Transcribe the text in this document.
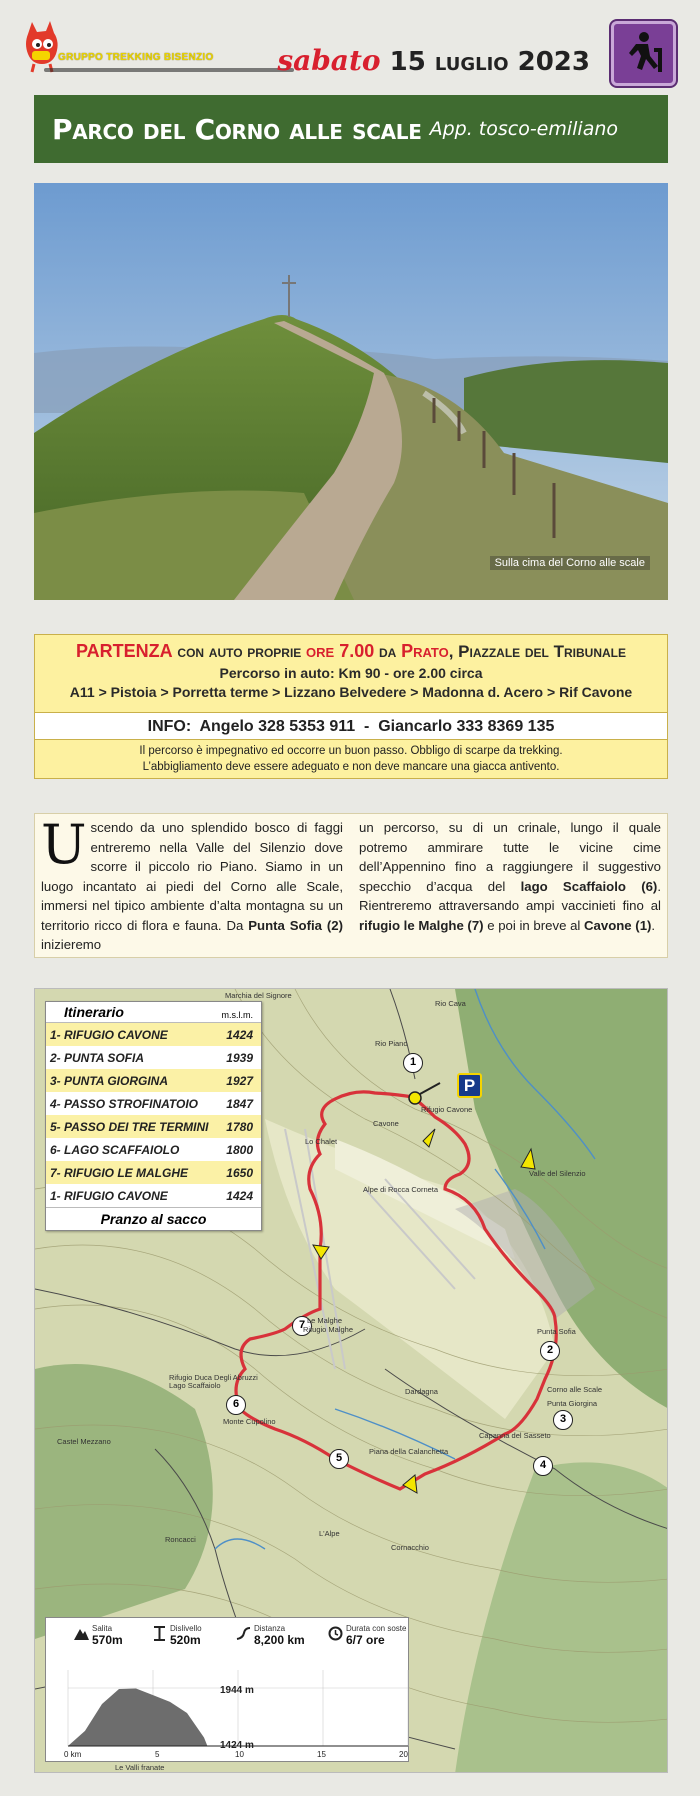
GRUPPO TREKKING BISENZIO sabato 15 luglio 2023
Parco del Corno alle scale App. tosco-emiliano
Sulla cima del Corno alle scale
PARTENZA con auto proprie ore 7.00 da Prato, Piazzale del Tribunale
Percorso in auto: Km 90 - ore 2.00 circa
A11 > Pistoia > Porretta terme > Lizzano Belvedere > Madonna d. Acero > Rif Cavone
INFO:  Angelo 328 5353 911  -  Giancarlo 333 8369 135
Il percorso è impegnativo ed occorre un buon passo. Obbligo di scarpe da trekking.
L’abbigliamento deve essere adeguato e non deve mancare una giacca antivento.
Uscendo da uno splendido bosco di faggi entreremo nella Valle del Silenzio dove scorre il piccolo rio Piano. Siamo in un luogo incantato ai piedi del Corno alle Scale, immersi nel tipico ambiente d’alta montagna su un territorio ricco di flora e fauna. Da Punta Sofia (2) inizieremo
un percorso, su di un crinale, lungo il quale potremo ammirare tutte le vicine cime dell’Appennino fino a raggiungere il suggestivo specchio d’acqua del lago Scaffaiolo (6). Rientreremo attraversando ampi vaccinieti fino al rifugio le Malghe (7) e poi in breve al Cavone (1).
P
1
2
3
4
5
6
7
Marchia del Signore
Rio Cava
Rio Piano
Rifugio Cavone
Cavone
Lo Chalet
Alpe di Rocca Corneta
Valle del Silenzio
Punta Sofia
Le Malghe
Rifugio Malghe
Rifugio Duca Degli Abruzzi
Lago Scaffaiolo
Monte Cupolino
Dardagna	Corno alle Scale
Punta Giorgina
Capanna del Sasseto
Piana della Calanchetta
Castel Mezzano
Roncacci
L'Alpe
Cornacchio
Le Valli franate
Itinerario	m.s.l.m.
1- RIFUGIO CAVONE	1424
2- PUNTA SOFIA	1939
3- PUNTA GIORGINA	1927
4- PASSO STROFINATOIO 1847
5- PASSO DEI TRE TERMINI 1780
6- LAGO SCAFFAIOLO	1800
7- RIFUGIO LE MALGHE	1650
1- RIFUGIO CAVONE	1424
Pranzo al sacco
Salita
570m
Dislivello
520m
Distanza
8,200 km
Durata con soste
6/7 ore
1944 m
1424 m
0 km	5	10	15	20
